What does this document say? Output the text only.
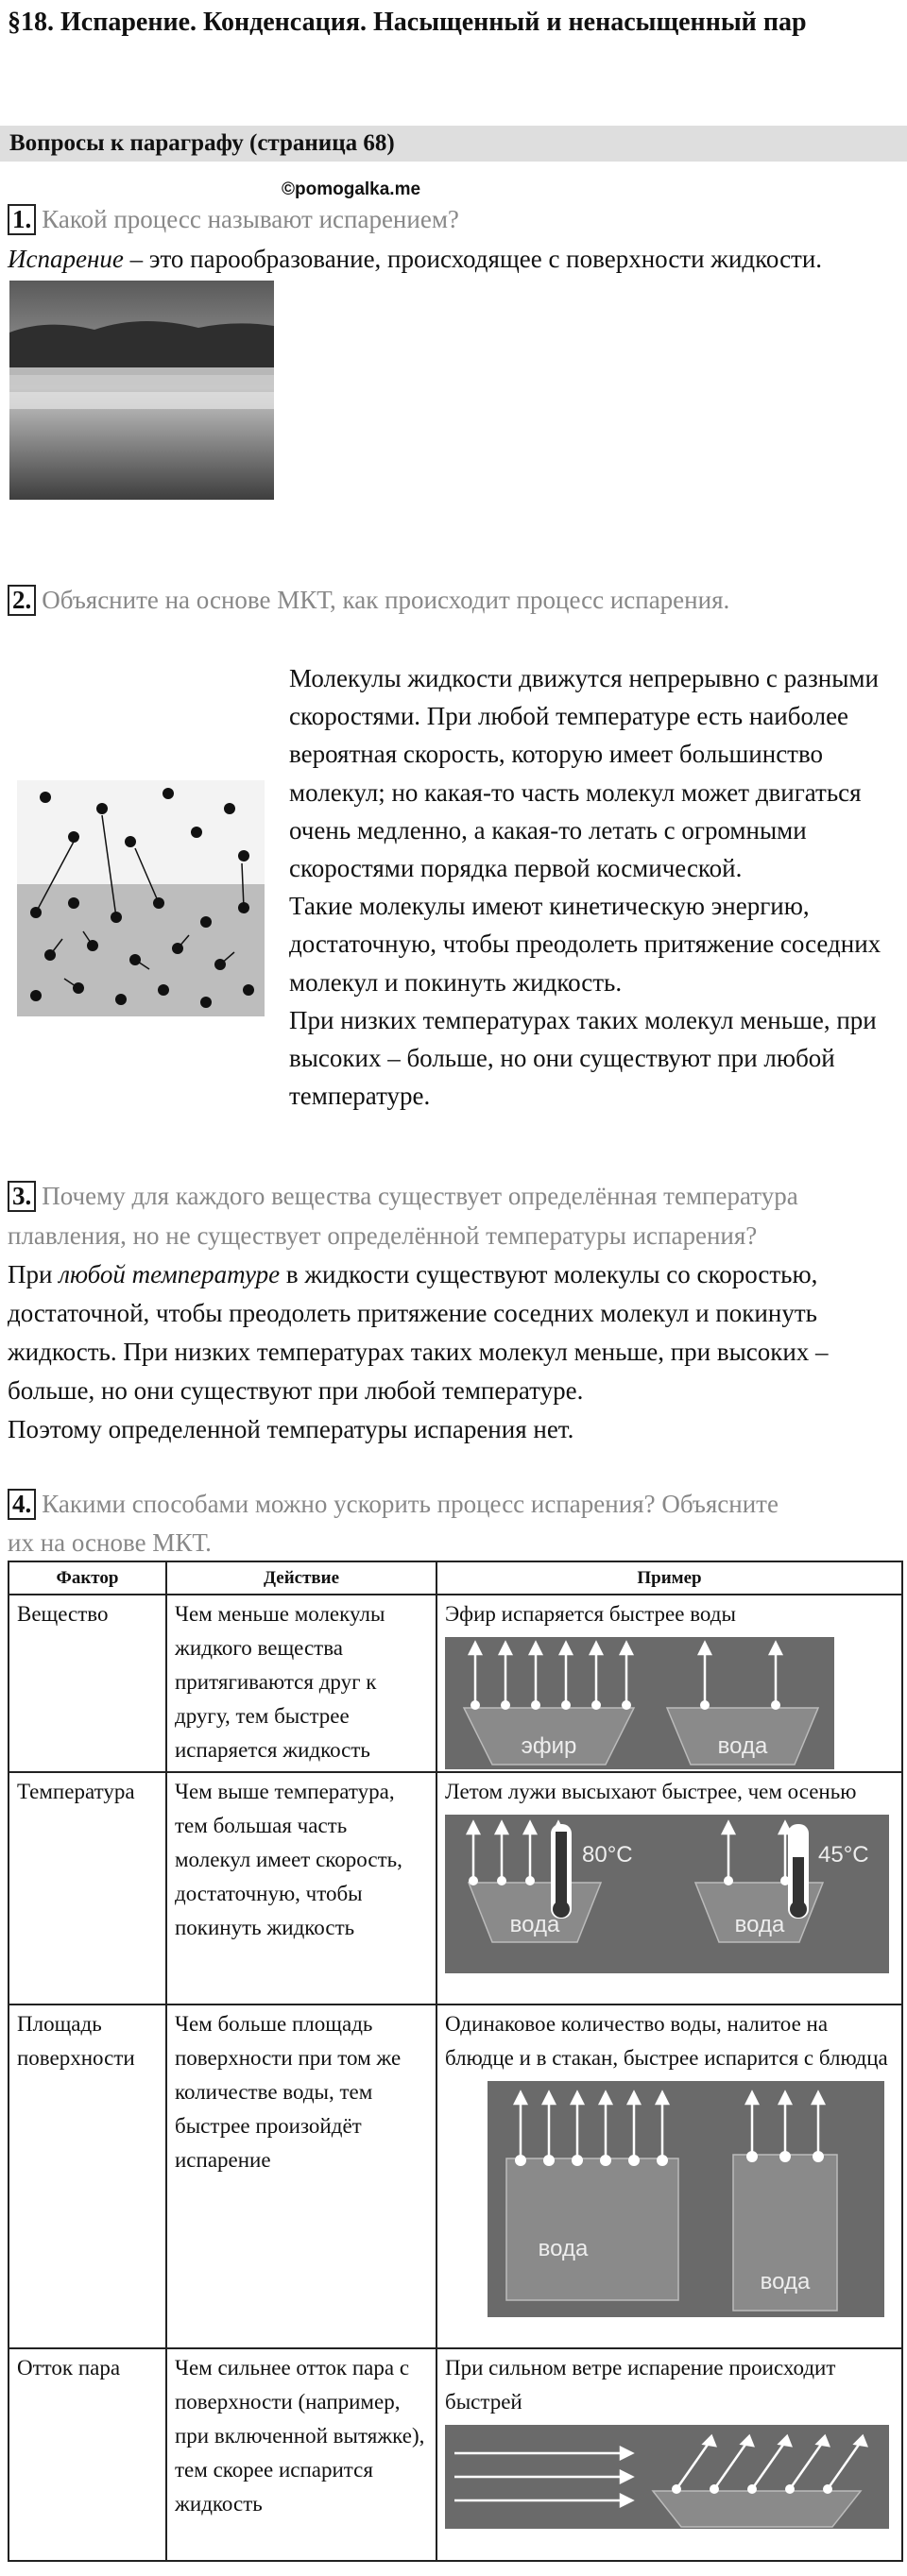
§18. Испарение. Конденсация. Насыщенный и ненасыщенный пар
Вопросы к параграфу (страница 68)
©pomogalka.me
1. Какой процесс называют испарением?
Испарение – это парообразование, происходящее с поверхности жидкости.
2. Объясните на основе МКТ, как происходит процесс испарения.

Молекулы жидкости движутся непрерывно с разными скоростями. При любой температуре есть наиболее вероятная скорость, которую имеет большинство молекул; но какая-то часть молекул может двигаться очень медленно, а какая-то летать с огромными скоростями порядка первой космической.

Такие молекулы имеют кинетическую энергию, достаточную, чтобы преодолеть притяжение соседних молекул и покинуть жидкость.

При низких температурах таких молекул меньше, при высоких – больше, но они существуют при любой температуре.

3. Почему для каждого вещества существует определённая температура
плавления, но не существует определённой температуры испарения?
При любой температуре в жидкости существуют молекулы со скоростью,
достаточной, чтобы преодолеть притяжение соседних молекул и покинуть
жидкость. При низких температурах таких молекул меньше, при высоких –
больше, но они существуют при любой температуре.
Поэтому определенной температуры испарения нет.
4. Какими способами можно ускорить процесс испарения? Объясните
их на основе МКТ.
Фактор	Действие	Пример
Вещество	Чем меньше молекулы жидкого вещества притягиваются друг к другу, тем быстрее испаряется жидкость	Эфир испаряется быстрее воды
эфир вода

Температура	Чем выше температура, тем большая часть молекул имеет скорость, достаточную, чтобы покинуть жидкость	Летом лужи высыхают быстрее, чем осенью
80°C 45°C
вода вода

Площадь поверхности	Чем больше площадь поверхности при том же количестве воды, тем быстрее произойдёт испарение	Одинаковое количество воды, налитое на блюдце и в стакан, быстрее испарится с блюдца
вода
вода

Отток пара	Чем сильнее отток пара с поверхности (например, при включенной вытяжке), тем скорее испарится жидкость	При сильном ветре испарение происходит быстрей
